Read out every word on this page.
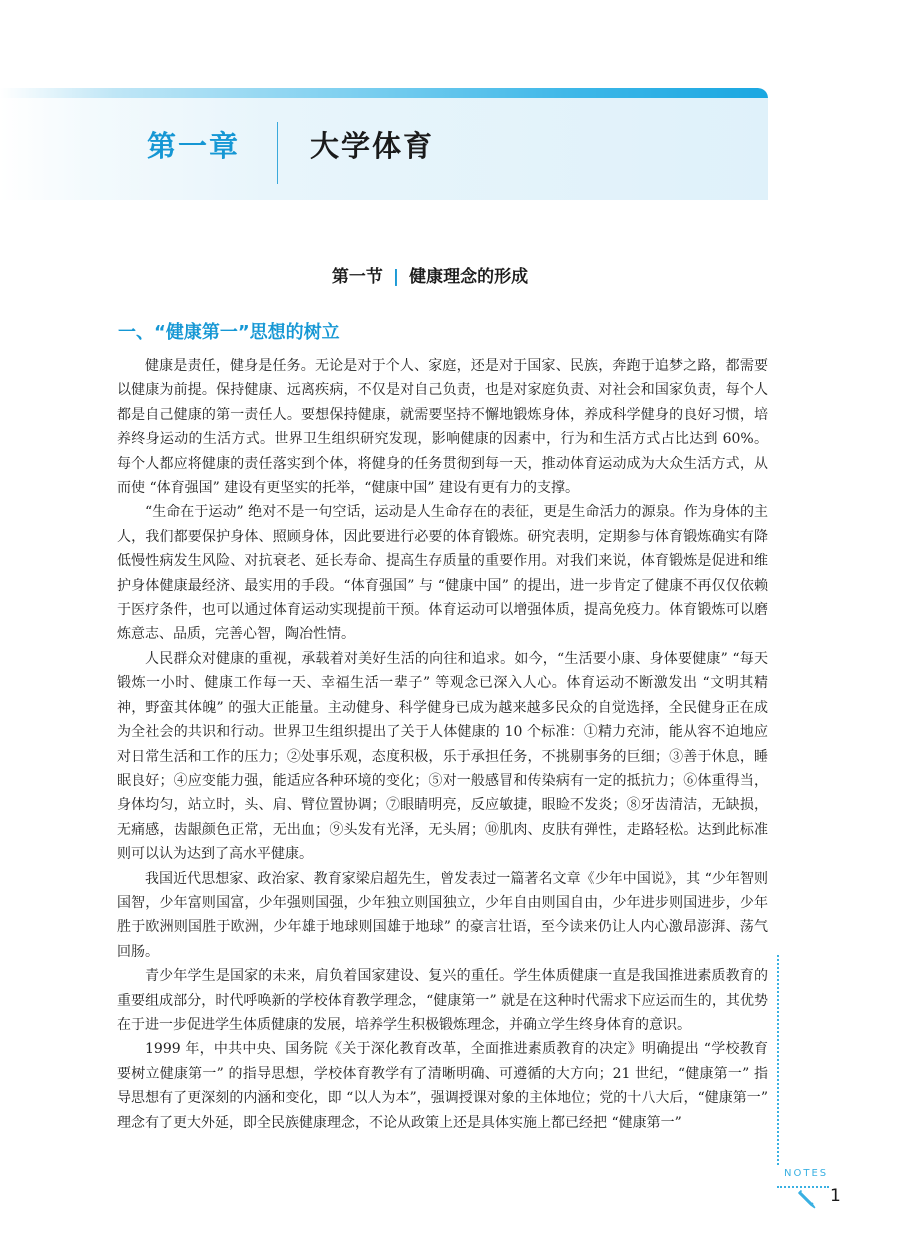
第一章 大学体育
第一节 | 健康理念的形成
一、“健康第一”思想的树立

健康是责任，健身是任务。无论是对于个人、家庭，还是对于国家、民族，奔跑于追梦之路，都需要以健康为前提。保持健康、远离疾病，不仅是对自己负责，也是对家庭负责、对社会和国家负责，每个人都是自己健康的第一责任人。要想保持健康，就需要坚持不懈地锻炼身体，养成科学健身的良好习惯，培养终身运动的生活方式。世界卫生组织研究发现，影响健康的因素中，行为和生活方式占比达到 60%。每个人都应将健康的责任落实到个体，将健身的任务贯彻到每一天，推动体育运动成为大众生活方式，从而使 “体育强国” 建设有更坚实的托举，“健康中国” 建设有更有力的支撑。

“生命在于运动” 绝对不是一句空话，运动是人生命存在的表征，更是生命活力的源泉。作为身体的主人，我们都要保护身体、照顾身体，因此要进行必要的体育锻炼。研究表明，定期参与体育锻炼确实有降低慢性病发生风险、对抗衰老、延长寿命、提高生存质量的重要作用。对我们来说，体育锻炼是促进和维护身体健康最经济、最实用的手段。“体育强国” 与 “健康中国” 的提出，进一步肯定了健康不再仅仅依赖于医疗条件，也可以通过体育运动实现提前干预。体育运动可以增强体质，提高免疫力。体育锻炼可以磨炼意志、品质，完善心智，陶冶性情。

人民群众对健康的重视，承载着对美好生活的向往和追求。如今，“生活要小康、身体要健康” “每天锻炼一小时、健康工作每一天、幸福生活一辈子” 等观念已深入人心。体育运动不断激发出 “文明其精神，野蛮其体魄” 的强大正能量。主动健身、科学健身已成为越来越多民众的自觉选择，全民健身正在成为全社会的共识和行动。世界卫生组织提出了关于人体健康的 10 个标准：①精力充沛，能从容不迫地应对日常生活和工作的压力；②处事乐观，态度积极，乐于承担任务，不挑剔事务的巨细；③善于休息，睡眠良好；④应变能力强，能适应各种环境的变化；⑤对一般感冒和传染病有一定的抵抗力；⑥体重得当，身体均匀，站立时，头、肩、臂位置协调；⑦眼睛明亮，反应敏捷，眼睑不发炎；⑧牙齿清洁，无缺损，无痛感，齿龈颜色正常，无出血；⑨头发有光泽，无头屑；⑩肌肉、皮肤有弹性，走路轻松。达到此标准则可以认为达到了高水平健康。

我国近代思想家、政治家、教育家梁启超先生，曾发表过一篇著名文章《少年中国说》，其 “少年智则国智，少年富则国富，少年强则国强，少年独立则国独立，少年自由则国自由，少年进步则国进步，少年胜于欧洲则国胜于欧洲，少年雄于地球则国雄于地球” 的豪言壮语，至今读来仍让人内心激昂澎湃、荡气回肠。

青少年学生是国家的未来，肩负着国家建设、复兴的重任。学生体质健康一直是我国推进素质教育的重要组成部分，时代呼唤新的学校体育教学理念，“健康第一” 就是在这种时代需求下应运而生的，其优势在于进一步促进学生体质健康的发展，培养学生积极锻炼理念，并确立学生终身体育的意识。

1999 年，中共中央、国务院《关于深化教育改革，全面推进素质教育的决定》明确提出 “学校教育要树立健康第一” 的指导思想，学校体育教学有了清晰明确、可遵循的大方向；21 世纪，“健康第一” 指导思想有了更深刻的内涵和变化，即 “以人为本”，强调授课对象的主体地位；党的十八大后，“健康第一” 理念有了更大外延，即全民族健康理念，不论从政策上还是具体实施上都已经把 “健康第一”

NOTES
1
